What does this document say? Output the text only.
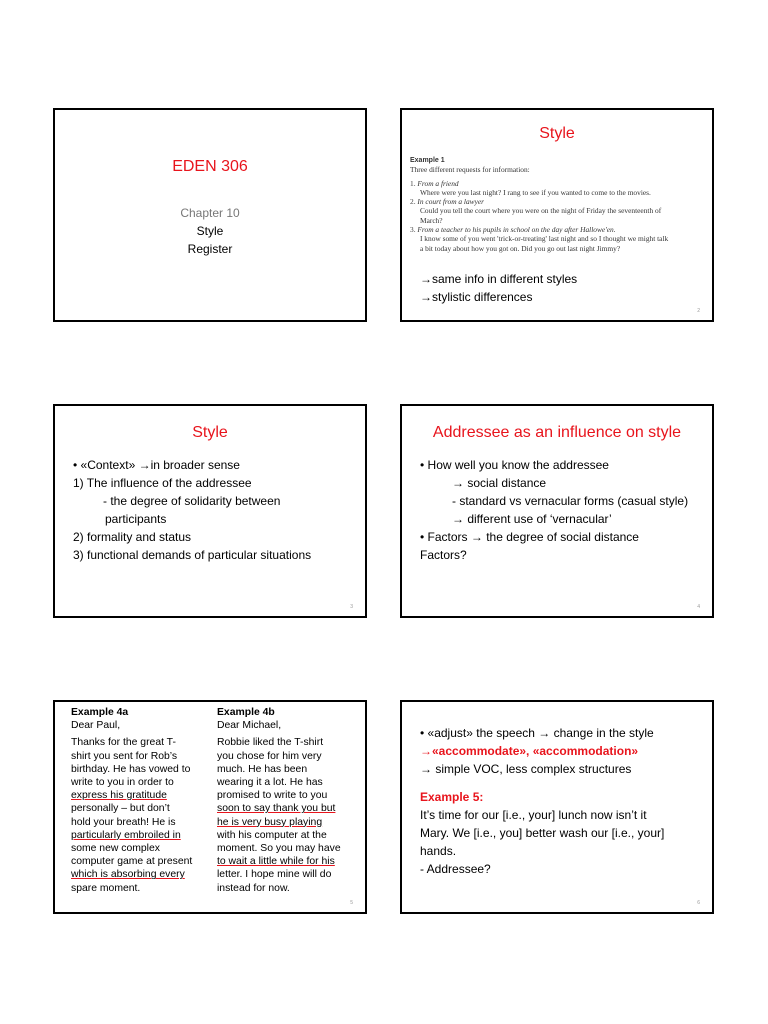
EDEN 306
Chapter 10
Style
Register
Style
Example 1
Three different requests for information:
1. From a friend
Where were you last night? I rang to see if you wanted to come to the movies.
2. In court from a lawyer
Could you tell the court where you were on the night of Friday the seventeenth of
March?
3. From a teacher to his pupils in school on the day after Hallowe'en.
I know some of you went 'trick-or-treating' last night and so I thought we might talk
a bit today about how you got on. Did you go out last night Jimmy?
→same info in different styles
→stylistic differences
2
Style
• «Context» →in broader sense
1) The influence of the addressee
- the degree of solidarity between
participants
2) formality and status
3) functional demands of particular situations
3
Addressee as an influence on style
• How well you know the addressee
→ social distance
- standard vs vernacular forms (casual style)
→ different use of ‘vernacular’
• Factors → the degree of social distance
Factors?
4
Example 4a
Dear Paul,
Thanks for the great T-
shirt you sent for Rob’s
birthday. He has vowed to
write to you in order to
express his gratitude
personally – but don’t
hold your breath! He is
particularly embroiled in
some new complex
computer game at present
which is absorbing every
spare moment.
Example 4b
Dear Michael,
Robbie liked the T-shirt
you chose for him very
much. He has been
wearing it a lot. He has
promised to write to you
soon to say thank you but
he is very busy playing
with his computer at the
moment. So you may have
to wait a little while for his
letter. I hope mine will do
instead for now.
5
• «adjust» the speech → change in the style
→«accommodate», «accommodation»
→ simple VOC, less complex structures
Example 5:
It’s time for our [i.e., your] lunch now isn’t it
Mary. We [i.e., you] better wash our [i.e., your]
hands.
- Addressee?
6
